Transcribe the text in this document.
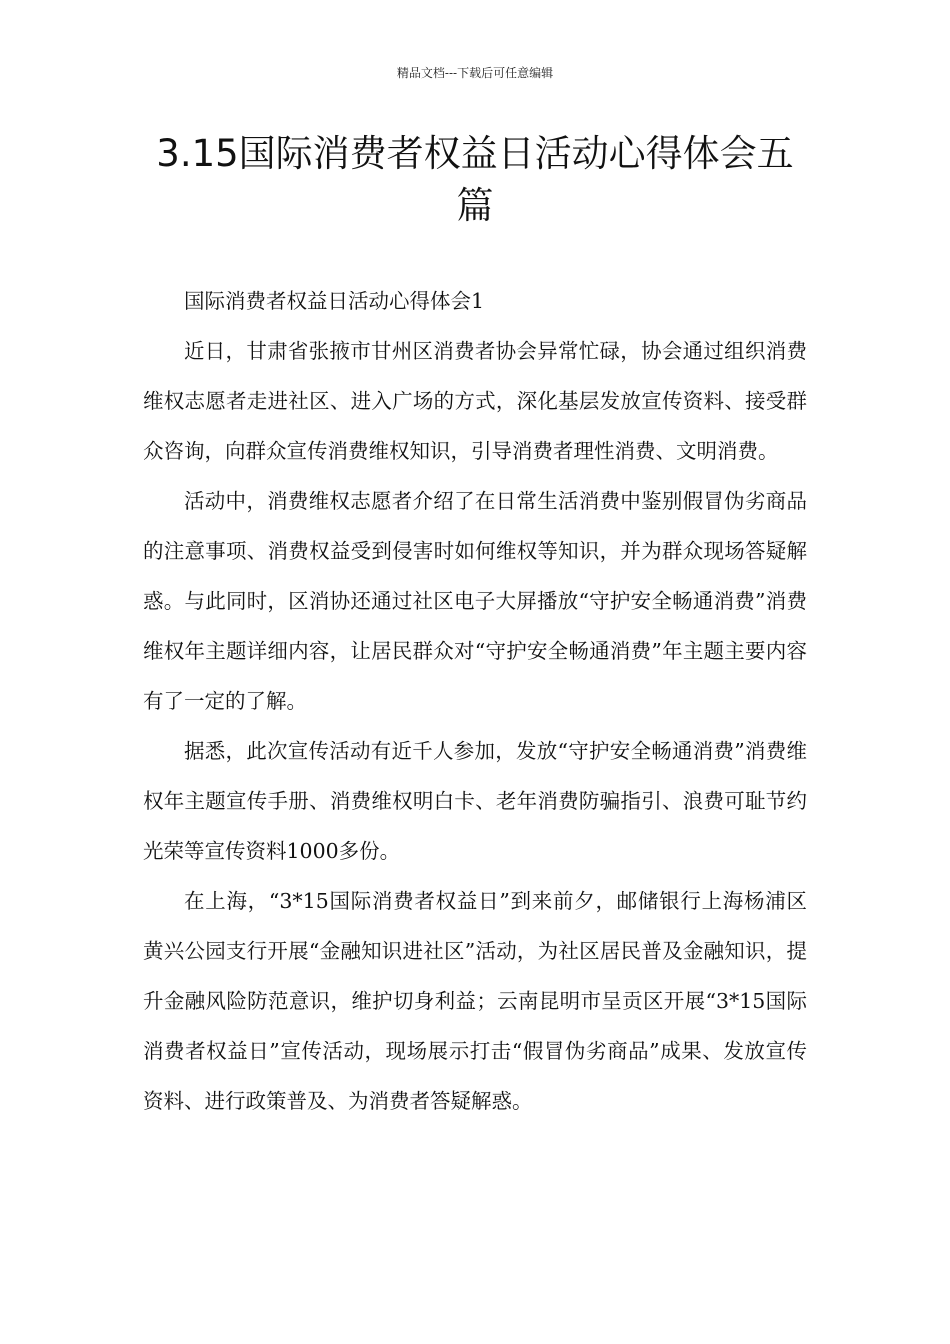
精品文档---下载后可任意编辑
3.15国际消费者权益日活动心得体会五篇

国际消费者权益日活动心得体会1

近日，甘肃省张掖市甘州区消费者协会异常忙碌，协会通过组织消费维权志愿者走进社区、进入广场的方式，深化基层发放宣传资料、接受群众咨询，向群众宣传消费维权知识，引导消费者理性消费、文明消费。

活动中，消费维权志愿者介绍了在日常生活消费中鉴别假冒伪劣商品的注意事项、消费权益受到侵害时如何维权等知识，并为群众现场答疑解惑。与此同时，区消协还通过社区电子大屏播放“守护安全畅通消费”消费维权年主题详细内容，让居民群众对“守护安全畅通消费”年主题主要内容有了一定的了解。

据悉，此次宣传活动有近千人参加，发放“守护安全畅通消费”消费维权年主题宣传手册、消费维权明白卡、老年消费防骗指引、浪费可耻节约光荣等宣传资料1000多份。

在上海，“3*15国际消费者权益日”到来前夕，邮储银行上海杨浦区黄兴公园支行开展“金融知识进社区”活动，为社区居民普及金融知识，提升金融风险防范意识，维护切身利益；云南昆明市呈贡区开展“3*15国际消费者权益日”宣传活动，现场展示打击“假冒伪劣商品”成果、发放宣传资料、进行政策普及、为消费者答疑解惑。
